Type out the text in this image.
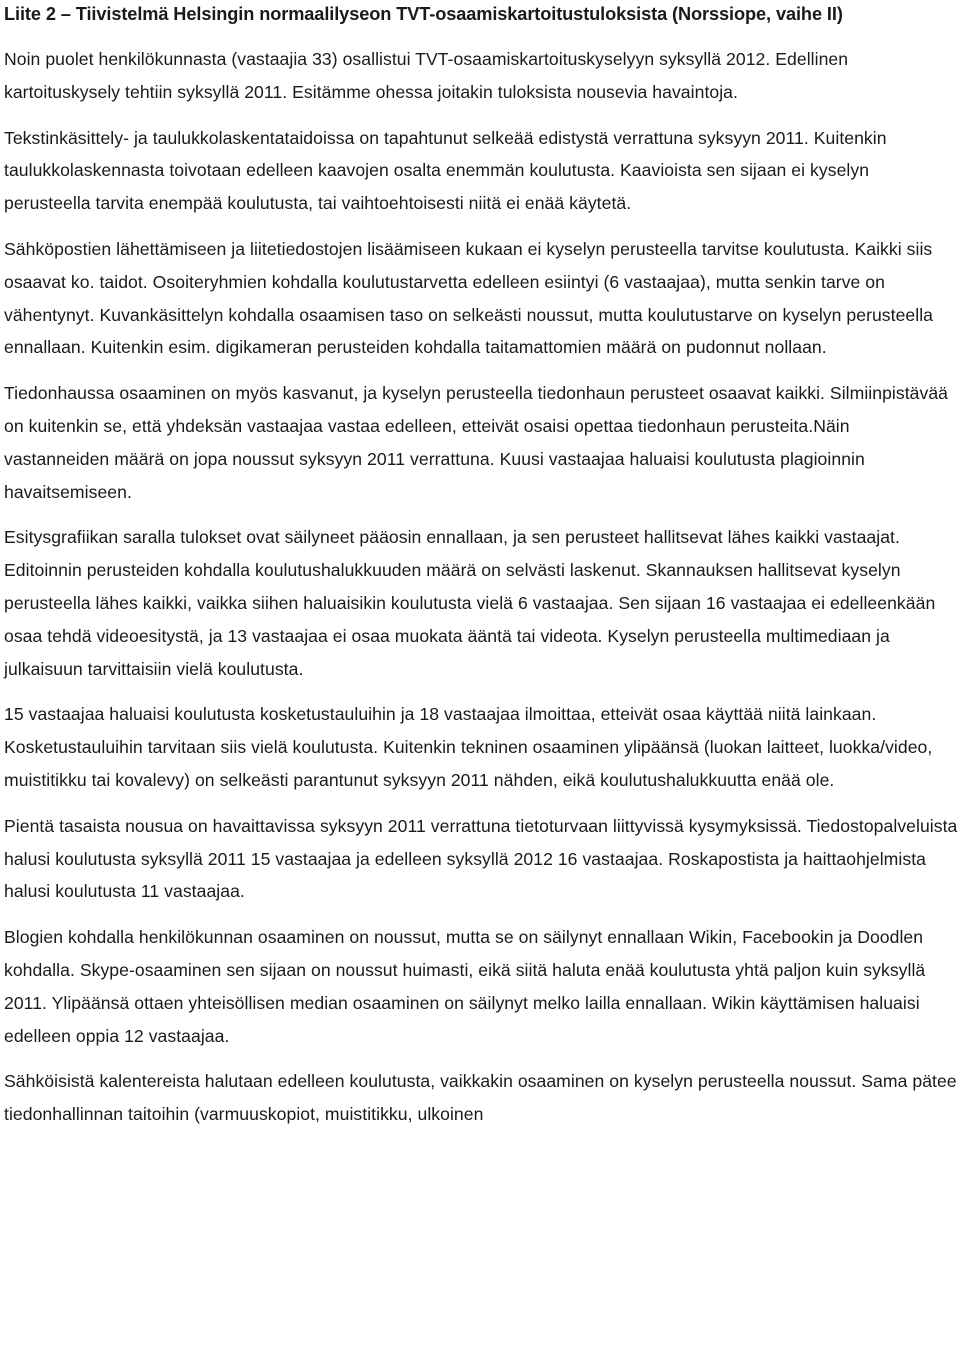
Liite 2 – Tiivistelmä Helsingin normaalilyseon TVT-osaamiskartoitustuloksista (Norssiope, vaihe II)

Noin puolet henkilökunnasta (vastaajia 33) osallistui TVT-osaamiskartoituskyselyyn syksyllä 2012. Edellinen kartoituskysely tehtiin syksyllä 2011. Esitämme ohessa joitakin tuloksista nousevia havaintoja.

Tekstinkäsittely- ja taulukkolaskentataidoissa on tapahtunut selkeää edistystä verrattuna syksyyn 2011. Kuitenkin taulukkolaskennasta toivotaan edelleen kaavojen osalta enemmän koulutusta. Kaavioista sen sijaan ei kyselyn perusteella tarvita enempää koulutusta, tai vaihtoehtoisesti niitä ei enää käytetä.

Sähköpostien lähettämiseen ja liitetiedostojen lisäämiseen kukaan ei kyselyn perusteella tarvitse koulutusta. Kaikki siis osaavat ko. taidot. Osoiteryhmien kohdalla koulutustarvetta edelleen esiintyi (6 vastaajaa), mutta senkin tarve on vähentynyt. Kuvankäsittelyn kohdalla osaamisen taso on selkeästi noussut, mutta koulutustarve on kyselyn perusteella ennallaan. Kuitenkin esim. digikameran perusteiden kohdalla taitamattomien määrä on pudonnut nollaan.

Tiedonhaussa osaaminen on myös kasvanut, ja kyselyn perusteella tiedonhaun perusteet osaavat kaikki. Silmiinpistävää on kuitenkin se, että yhdeksän vastaajaa vastaa edelleen, etteivät osaisi opettaa tiedonhaun perusteita.Näin vastanneiden määrä on jopa noussut syksyyn 2011 verrattuna. Kuusi vastaajaa haluaisi koulutusta plagioinnin havaitsemiseen.

Esitysgrafiikan saralla tulokset ovat säilyneet pääosin ennallaan, ja sen perusteet hallitsevat lähes kaikki vastaajat. Editoinnin perusteiden kohdalla koulutushalukkuuden määrä on selvästi laskenut. Skannauksen hallitsevat kyselyn perusteella lähes kaikki, vaikka siihen haluaisikin koulutusta vielä 6 vastaajaa. Sen sijaan 16 vastaajaa ei edelleenkään osaa tehdä videoesitystä, ja 13 vastaajaa ei osaa muokata ääntä tai videota. Kyselyn perusteella multimediaan ja julkaisuun tarvittaisiin vielä koulutusta.

15 vastaajaa haluaisi koulutusta kosketustauluihin ja 18 vastaajaa ilmoittaa, etteivät osaa käyttää niitä lainkaan. Kosketustauluihin tarvitaan siis vielä koulutusta. Kuitenkin tekninen osaaminen ylipäänsä (luokan laitteet, luokka/video, muistitikku tai kovalevy) on selkeästi parantunut syksyyn 2011 nähden, eikä koulutushalukkuutta enää ole.

Pientä tasaista nousua on havaittavissa syksyyn 2011 verrattuna tietoturvaan liittyvissä kysymyksissä. Tiedostopalveluista halusi koulutusta syksyllä 2011 15 vastaajaa ja edelleen syksyllä 2012 16 vastaajaa. Roskapostista ja haittaohjelmista halusi koulutusta 11 vastaajaa.

Blogien kohdalla henkilökunnan osaaminen on noussut, mutta se on säilynyt ennallaan Wikin, Facebookin ja Doodlen kohdalla. Skype-osaaminen sen sijaan on noussut huimasti, eikä siitä haluta enää koulutusta yhtä paljon kuin syksyllä 2011. Ylipäänsä ottaen yhteisöllisen median osaaminen on säilynyt melko lailla ennallaan. Wikin käyttämisen haluaisi edelleen oppia 12 vastaajaa.

Sähköisistä kalentereista halutaan edelleen koulutusta, vaikkakin osaaminen on kyselyn perusteella noussut. Sama pätee tiedonhallinnan taitoihin (varmuuskopiot, muistitikku, ulkoinen
